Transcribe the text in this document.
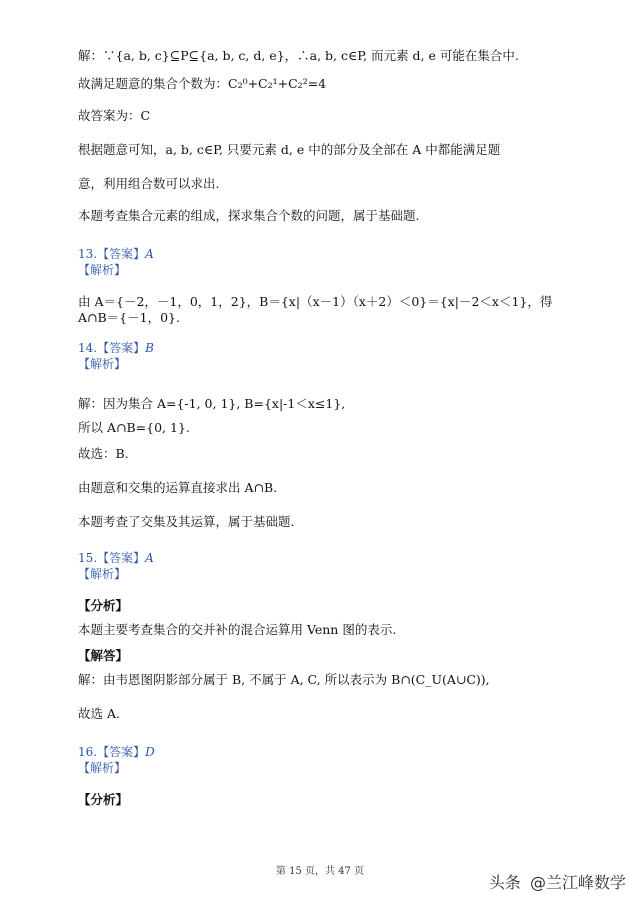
解：∵{a, b, c}⊆P⊆{a, b, c, d, e}，∴a, b, c∈P, 而元素 d, e 可能在集合中.
故满足题意的集合个数为：C₂⁰+C₂¹+C₂²=4
故答案为：C
根据题意可知，a, b, c∈P, 只要元素 d, e 中的部分及全部在 A 中都能满足题
意，利用组合数可以求出.
本题考查集合元素的组成，探求集合个数的问题，属于基础题.
13.【答案】A
【解析】
由 A＝{－2，－1，0，1，2}，B＝{x|（x－1）（x＋2）＜0}＝{x|－2＜x＜1}，得
A∩B＝{－1，0}.
14.【答案】B
【解析】
解：因为集合 A={-1, 0, 1}, B={x|-1＜x≤1},
所以 A∩B={0, 1}.
故选：B.
由题意和交集的运算直接求出 A∩B.
本题考查了交集及其运算，属于基础题.
15.【答案】A
【解析】
【分析】
本题主要考查集合的交并补的混合运算用 Venn 图的表示.
【解答】
解：由韦恩图阴影部分属于 B, 不属于 A, C, 所以表示为 B∩(C_U(A∪C)),
故选 A.
16.【答案】D
【解析】
【分析】
第 15 页，共 47 页
头条 @兰江峰数学
